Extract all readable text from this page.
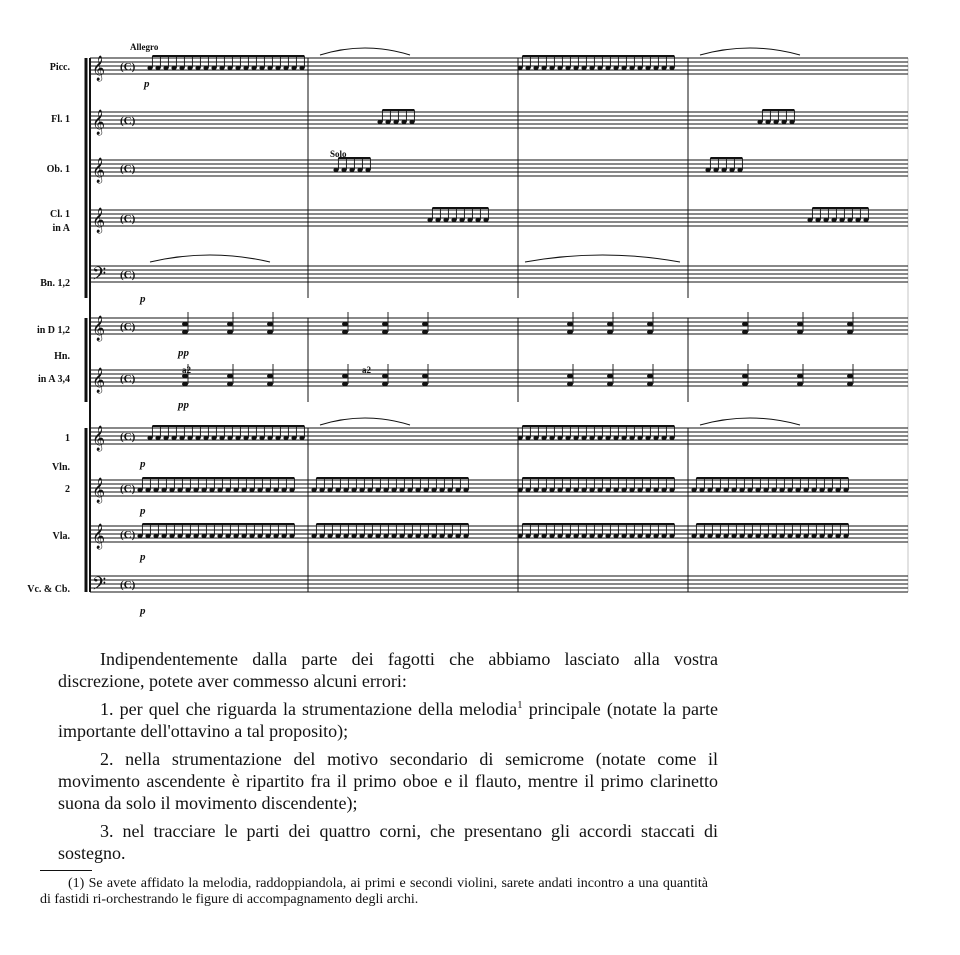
Picc.
Fl. 1
Ob. 1
Cl. 1
in A
Bn. 1,2
in D 1,2
Hn.
in A 3,4
1
Vln.
2
Vla.
Vc. & Cb.
𝄞 (C)
𝄞 (C)
𝄞 (C)
𝄞 (C)
𝄢 (C)
𝄞 (C)
𝄞 (C)
𝄞 (C)
𝄞 (C)
𝄞 (C)
𝄢 (C)
Allegro
Solo
a2	a2
p
p
p
p
p
p
pp
pp

Indipendentemente dalla parte dei fagotti che abbiamo lasciato alla vostra discrezione, potete aver commesso alcuni errori:

1. per quel che riguarda la strumentazione della melodia$^1$ principale (notate la parte importante dell'ottavino a tal proposito);

2. nella strumentazione del motivo secondario di semicrome (notate come il movimento ascendente è ripartito fra il primo oboe e il flauto, mentre il primo clarinetto suona da solo il movimento discendente);

3. nel tracciare le parti dei quattro corni, che presentano gli accordi staccati di sostegno.

(1) Se avete affidato la melodia, raddoppiandola, ai primi e secondi violini, sarete andati incontro a una quantità di fastidi ri-orchestrando le figure di accompagnamento degli archi.
